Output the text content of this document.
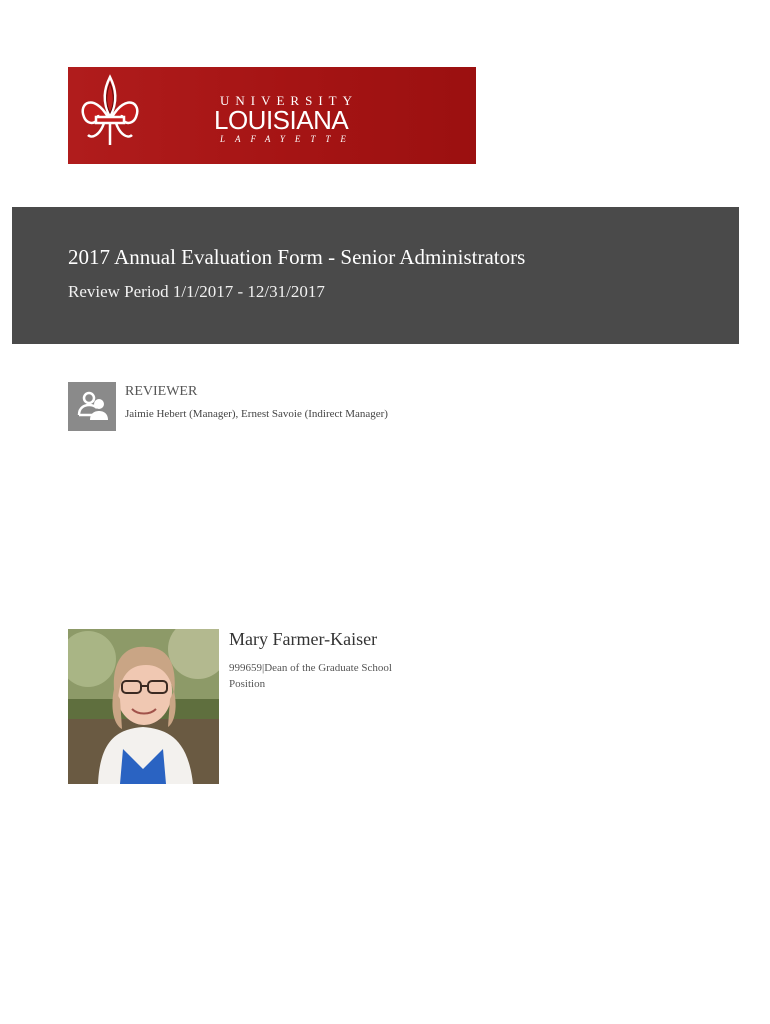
UNIVERSITY
LOUISIANA
LAFAYETTE
2017 Annual Evaluation Form - Senior Administrators
Review Period 1/1/2017 - 12/31/2017
REVIEWER
Jaimie Hebert (Manager), Ernest Savoie (Indirect Manager)
Mary Farmer-Kaiser
999659|Dean of the Graduate School
Position
